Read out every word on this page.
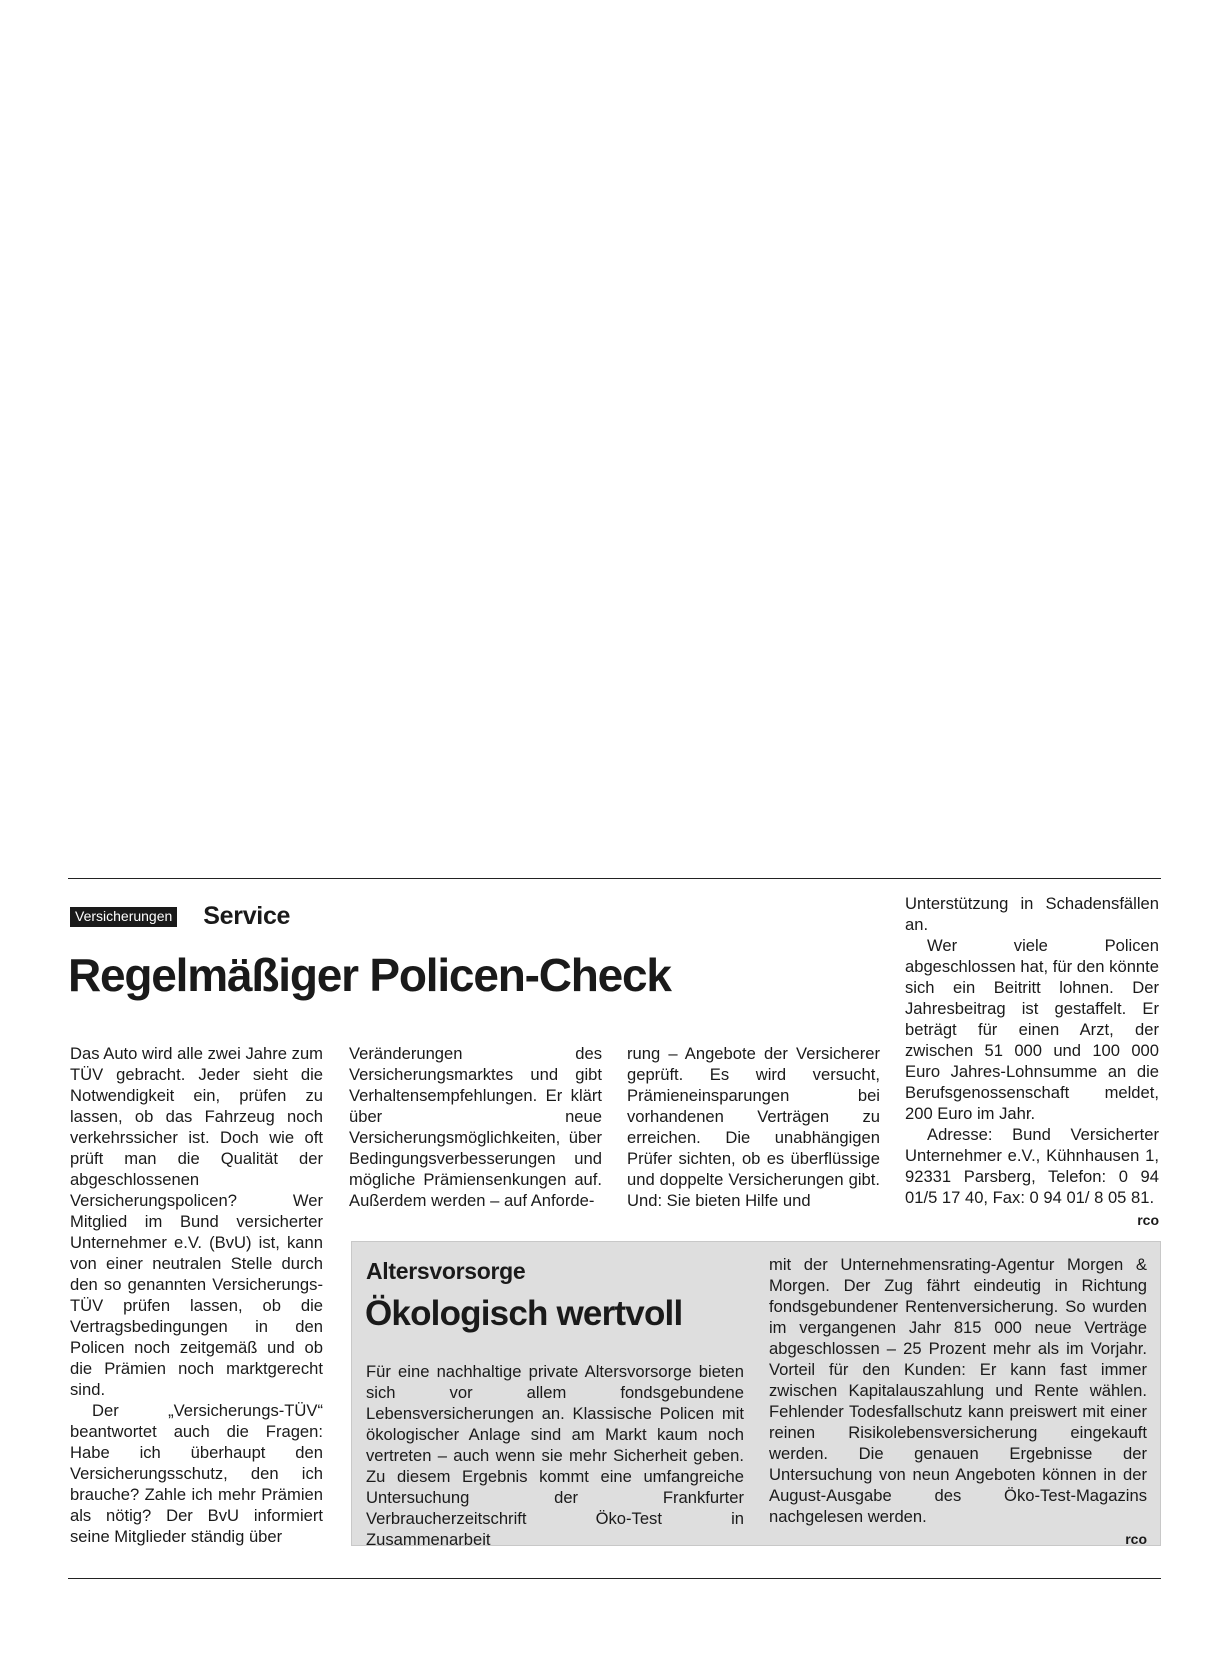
Versicherungen Service
Regelmäßiger Policen-Check

Das Auto wird alle zwei Jahre zum TÜV gebracht. Jeder sieht die Notwendigkeit ein, prüfen zu lassen, ob das Fahrzeug noch verkehrssicher ist. Doch wie oft prüft man die Qualität der abgeschlossenen Versicherungspolicen? Wer Mitglied im Bund versicherter Unternehmer e.V. (BvU) ist, kann von einer neutralen Stelle durch den so genannten Versicherungs-TÜV prüfen lassen, ob die Vertragsbedingungen in den Policen noch zeitgemäß und ob die Prämien noch marktgerecht sind.

Der „Versicherungs-TÜV“ beantwortet auch die Fragen: Habe ich überhaupt den Versicherungsschutz, den ich brauche? Zahle ich mehr Prämien als nötig? Der BvU informiert seine Mitglieder ständig über

Veränderungen des Versicherungsmarktes und gibt Verhaltensempfehlungen. Er klärt über neue Versicherungsmöglichkeiten, über Bedingungsverbesserungen und mögliche Prämiensenkungen auf. Außerdem werden – auf Anforde-

rung – Angebote der Versicherer geprüft. Es wird versucht, Prämieneinsparungen bei vorhandenen Verträgen zu erreichen. Die unabhängigen Prüfer sichten, ob es überflüssige und doppelte Versicherungen gibt. Und: Sie bieten Hilfe und

Unterstützung in Schadensfällen an.

Wer viele Policen abgeschlossen hat, für den könnte sich ein Beitritt lohnen. Der Jahresbeitrag ist gestaffelt. Er beträgt für einen Arzt, der zwischen 51 000 und 100 000 Euro Jahres-Lohnsumme an die Berufsgenossenschaft meldet, 200 Euro im Jahr.

Adresse: Bund Versicherter Unternehmer e.V., Kühnhausen 1, 92331 Parsberg, Telefon: 0 94 01/5 17 40, Fax: 0 94 01/ 8 05 81.

rco
Altersvorsorge
Ökologisch wertvoll

Für eine nachhaltige private Altersvorsorge bieten sich vor allem fondsgebundene Lebensversicherungen an. Klassische Policen mit ökologischer Anlage sind am Markt kaum noch vertreten – auch wenn sie mehr Sicherheit geben. Zu diesem Ergebnis kommt eine umfangreiche Untersuchung der Frankfurter Verbraucherzeitschrift Öko-Test in Zusammenarbeit

mit der Unternehmensrating-Agentur Morgen & Morgen. Der Zug fährt eindeutig in Richtung fondsgebundener Rentenversicherung. So wurden im vergangenen Jahr 815 000 neue Verträge abgeschlossen – 25 Prozent mehr als im Vorjahr. Vorteil für den Kunden: Er kann fast immer zwischen Kapitalauszahlung und Rente wählen. Fehlender Todesfallschutz kann preiswert mit einer reinen Risikolebensversicherung eingekauft werden. Die genauen Ergebnisse der Untersuchung von neun Angeboten können in der August-Ausgabe des Öko-Test-Magazins nachgelesen werden.

rco
